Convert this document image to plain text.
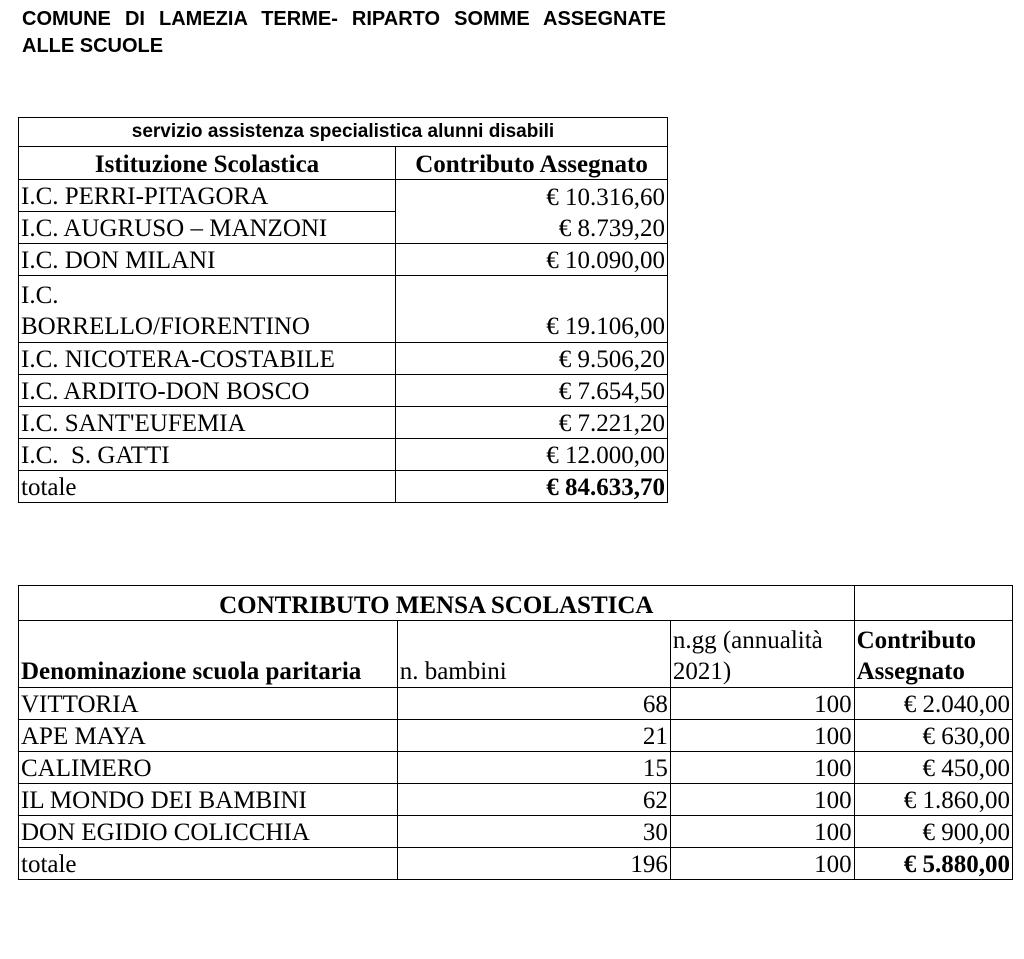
COMUNE DI LAMEZIA TERME- RIPARTO SOMME ASSEGNATE ALLE SCUOLE
servizio assistenza specialistica alunni disabili	
Istituzione Scolastica	Contributo Assegnato
I.C. PERRI-PITAGORA	€ 10.316,60
I.C. AUGRUSO – MANZONI	€ 8.739,20
I.C. DON MILANI	€ 10.090,00

I.C. BORRELLO/FIORENTINO	€ 19.106,00
I.C. NICOTERA-COSTABILE	€ 9.506,20
I.C. ARDITO-DON BOSCO	€ 7.654,50
I.C. SANT'EUFEMIA	€ 7.221,20
I.C.  S. GATTI	€ 12.000,00
totale	€ 84.633,70
CONTRIBUTO MENSA SCOLASTICA			
Denominazione scuola paritaria	n. bambini	n.gg (annualità 2021)	Contributo Assegnato
VITTORIA	68	100	€ 2.040,00
APE MAYA	21	100	€ 630,00
CALIMERO	15	100	€ 450,00
IL MONDO DEI BAMBINI	62	100	€ 1.860,00
DON EGIDIO COLICCHIA	30	100	€ 900,00
totale	196	100	€ 5.880,00
